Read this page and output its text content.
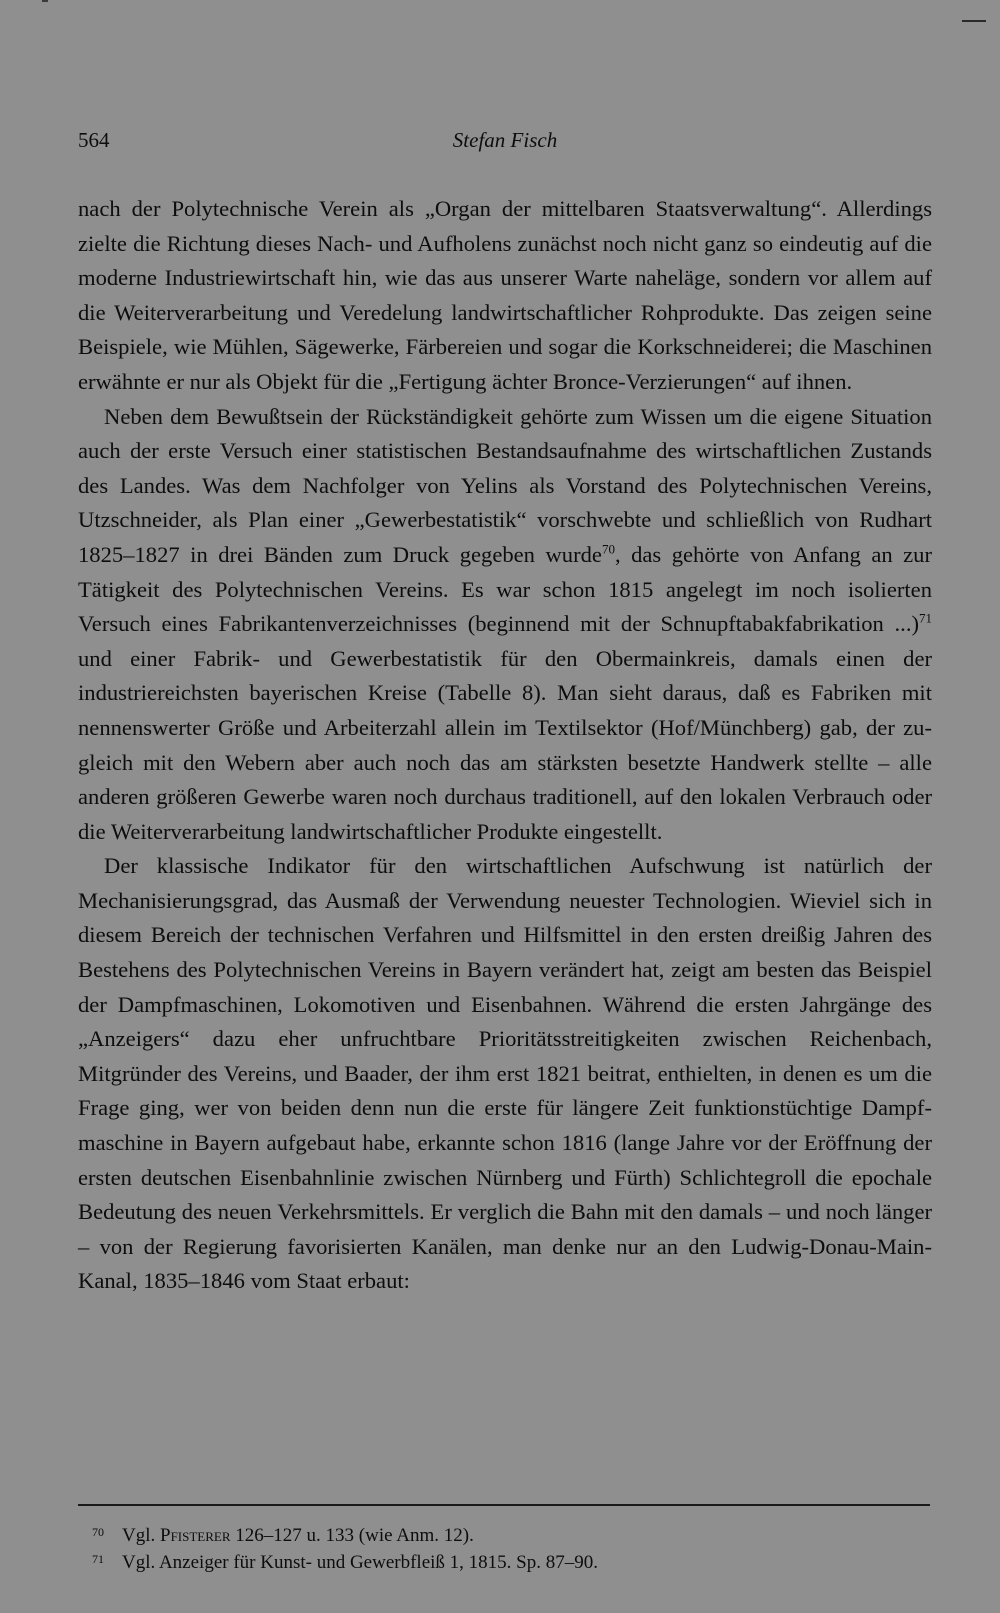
564	Stefan Fisch

nach der Polytechnische Verein als „Organ der mittelbaren Staatsverwaltung“. Allerdings zielte die Richtung dieses Nach- und Aufholens zunächst noch nicht ganz so eindeutig auf die moderne Industriewirtschaft hin, wie das aus unserer Warte naheläge, sondern vor allem auf die Weiterverarbeitung und Veredelung landwirtschaftlicher Rohprodukte. Das zeigen seine Beispiele, wie Mühlen, Sägewerke, Färbereien und sogar die Korkschneiderei; die Maschinen erwähnte er nur als Objekt für die „Fertigung ächter Bronce-Verzierungen“ auf ihnen.

Neben dem Bewußtsein der Rückständigkeit gehörte zum Wissen um die eigene Situation auch der erste Versuch einer statistischen Bestandsaufnahme des wirtschaftlichen Zustands des Landes. Was dem Nachfolger von Yelins als Vorstand des Polytechnischen Vereins, Utzschneider, als Plan einer „Gewerbestatistik“ vorschwebte und schließlich von Rudhart 1825–1827 in drei Bänden zum Druck gegeben wurde$^{70}$, das gehörte von Anfang an zur Tätigkeit des Polytechnischen Vereins. Es war schon 1815 angelegt im noch isolierten Versuch eines Fabrikantenverzeichnisses (beginnend mit der Schnupftabakfabrikation ...)$^{71}$ und einer Fabrik- und Gewerbestatistik für den Obermainkreis, damals einen der industriereichsten bayerischen Kreise (Tabelle 8). Man sieht daraus, daß es Fabriken mit nennenswerter Größe und Arbeiterzahl allein im Textilsektor (Hof/Münchberg) gab, der zugleich mit den Webern aber auch noch das am stärksten besetzte Handwerk stellte – alle anderen größeren Gewerbe waren noch durchaus traditionell, auf den lokalen Verbrauch oder die Weiterverarbeitung landwirtschaftlicher Produkte eingestellt.

Der klassische Indikator für den wirtschaftlichen Aufschwung ist natürlich der Mechanisierungsgrad, das Ausmaß der Verwendung neuester Technologien. Wieviel sich in diesem Bereich der technischen Verfahren und Hilfsmittel in den ersten dreißig Jahren des Bestehens des Polytechnischen Vereins in Bayern verändert hat, zeigt am besten das Beispiel der Dampfmaschinen, Lokomotiven und Eisenbahnen. Während die ersten Jahrgänge des „Anzeigers“ dazu eher unfruchtbare Prioritätsstreitigkeiten zwischen Reichenbach, Mitgründer des Vereins, und Baader, der ihm erst 1821 beitrat, enthielten, in denen es um die Frage ging, wer von beiden denn nun die erste für längere Zeit funktionstüchtige Dampfmaschine in Bayern aufgebaut habe, erkannte schon 1816 (lange Jahre vor der Eröffnung der ersten deutschen Eisenbahnlinie zwischen Nürnberg und Fürth) Schlichtegroll die epochale Bedeutung des neuen Verkehrsmittels. Er verglich die Bahn mit den damals – und noch länger – von der Regierung favorisierten Kanälen, man denke nur an den Ludwig-Donau-Main-Kanal, 1835–1846 vom Staat erbaut:

70 Vgl. Pfisterer 126–127 u. 133 (wie Anm. 12).
71 Vgl. Anzeiger für Kunst- und Gewerbfleiß 1, 1815. Sp. 87–90.
